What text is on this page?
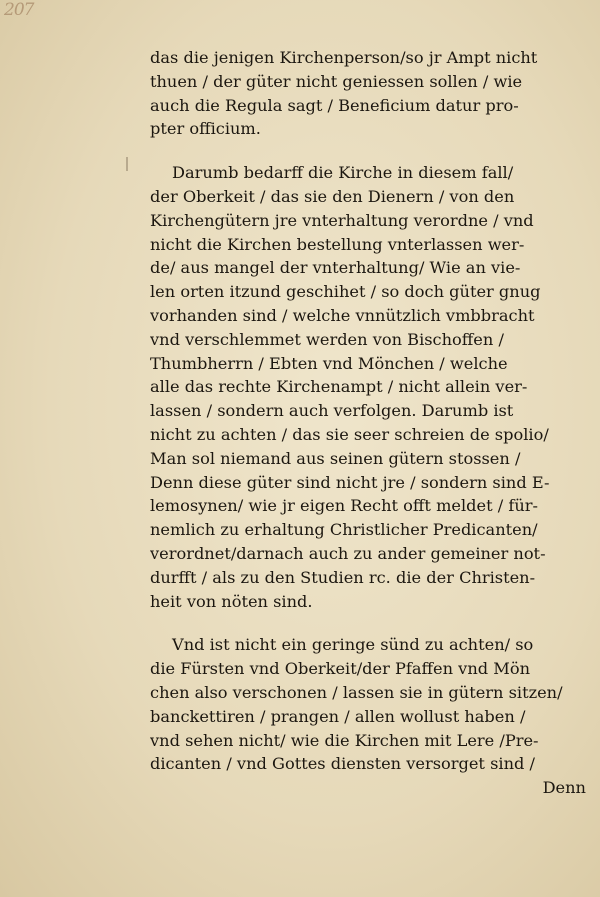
207
das die jenigen Kirchenperson/so jr Ampt nicht
thuen / der güter nicht geniessen sollen / wie
auch die Regula sagt / Beneficium datur pro-
pter officium.
Darumb bedarff die Kirche in diesem fall/
der Oberkeit / das sie den Dienern / von den
Kirchengütern jre vnterhaltung verordne / vnd
nicht die Kirchen bestellung vnterlassen wer-
de/ aus mangel der vnterhaltung/ Wie an vie-
len orten itzund geschihet / so doch güter gnug
vorhanden sind / welche vnnützlich vmbbracht
vnd verschlemmet werden von Bischoffen /
Thumbherrn / Ebten vnd Mönchen / welche
alle das rechte Kirchenampt / nicht allein ver-
lassen / sondern auch verfolgen. Darumb ist
nicht zu achten / das sie seer schreien de spolio/
Man sol niemand aus seinen gütern stossen /
Denn diese güter sind nicht jre / sondern sind E-
lemosynen/ wie jr eigen Recht offt meldet / für-
nemlich zu erhaltung Christlicher Predicanten/
verordnet/darnach auch zu ander gemeiner not-
durfft / als zu den Studien rc. die der Christen-
heit von nöten sind.
Vnd ist nicht ein geringe sünd zu achten/ so
die Fürsten vnd Oberkeit/der Pfaffen vnd Mön
chen also verschonen / lassen sie in gütern sitzen/
banckettiren / prangen / allen wollust haben /
vnd sehen nicht/ wie die Kirchen mit Lere /Pre-
dicanten / vnd Gottes diensten versorget sind /
Denn
